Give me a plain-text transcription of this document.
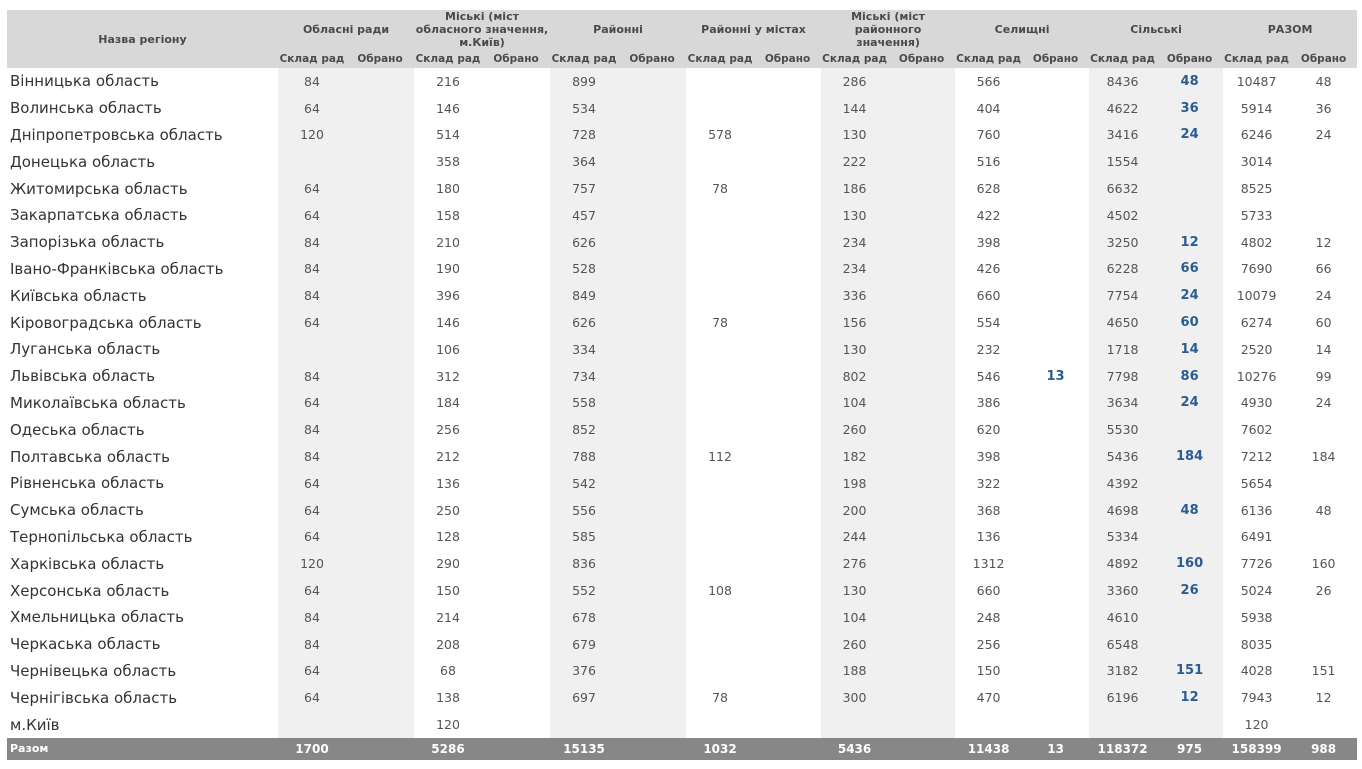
Назва регіону	Обласні ради		Міські (міст обласного значення, м.Київ)		Районні		Районні у містах		Міські (міст районного значення)		Селищні		Сільські		РАЗОМ	
	Склад рад	Обрано	Склад рад	Обрано	Склад рад	Обрано	Склад рад	Обрано	Склад рад	Обрано	Склад рад	Обрано	Склад рад	Обрано	Склад рад	Обрано
Вінницька область	84		216		899				286		566		8436	48	10487	48
Волинська область	64		146		534				144		404		4622	36	5914	36
Дніпропетровська область	120		514		728		578		130		760		3416	24	6246	24
Донецька область			358		364				222		516		1554		3014	
Житомирська область	64		180		757		78		186		628		6632		8525	
Закарпатська область	64		158		457				130		422		4502		5733	
Запорізька область	84		210		626				234		398		3250	12	4802	12
Івано-Франківська область	84		190		528				234		426		6228	66	7690	66
Київська область	84		396		849				336		660		7754	24	10079	24
Кіровоградська область	64		146		626		78		156		554		4650	60	6274	60
Луганська область			106		334				130		232		1718	14	2520	14
Львівська область	84		312		734				802		546	13	7798	86	10276	99
Миколаївська область	64		184		558				104		386		3634	24	4930	24
Одеська область	84		256		852				260		620		5530		7602	
Полтавська область	84		212		788		112		182		398		5436	184	7212	184
Рівненська область	64		136		542				198		322		4392		5654	
Сумська область	64		250		556				200		368		4698	48	6136	48
Тернопільська область	64		128		585				244		136		5334		6491	
Харківська область	120		290		836				276		1312		4892	160	7726	160
Херсонська область	64		150		552		108		130		660		3360	26	5024	26
Хмельницька область	84		214		678				104		248		4610		5938	
Черкаська область	84		208		679				260		256		6548		8035	
Чернівецька область	64		68		376				188		150		3182	151	4028	151
Чернігівська область	64		138		697		78		300		470		6196	12	7943	12
м.Київ			120												120	
Разом	1700		5286		15135		1032		5436		11438	13	118372	975	158399	988
